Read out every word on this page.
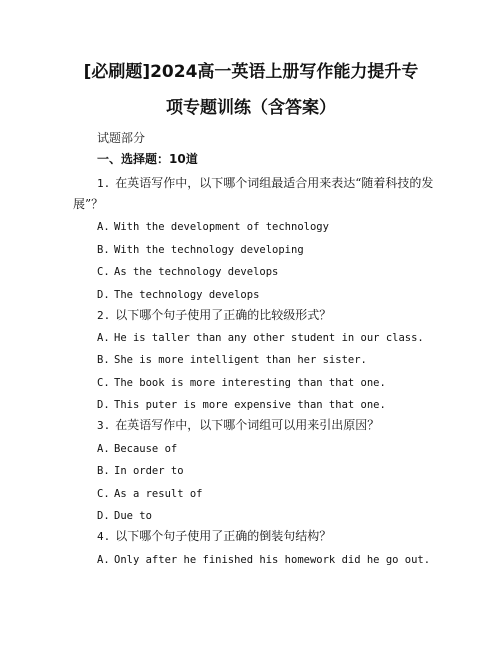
[必刷题]2024高一英语上册写作能力提升专
项专题训练（含答案）
试题部分
一、选择题：10道
1. 在英语写作中，以下哪个词组最适合用来表达“随着科技的发
展”？
A. With the development of technology
B. With the technology developing
C. As the technology develops
D. The technology develops
2. 以下哪个句子使用了正确的比较级形式？
A. He is taller than any other student in our class.
B. She is more intelligent than her sister.
C. The book is more interesting than that one.
D. This puter is more expensive than that one.
3. 在英语写作中，以下哪个词组可以用来引出原因？
A. Because of
B. In order to
C. As a result of
D. Due to
4. 以下哪个句子使用了正确的倒装句结构？
A. Only after he finished his homework did he go out.
